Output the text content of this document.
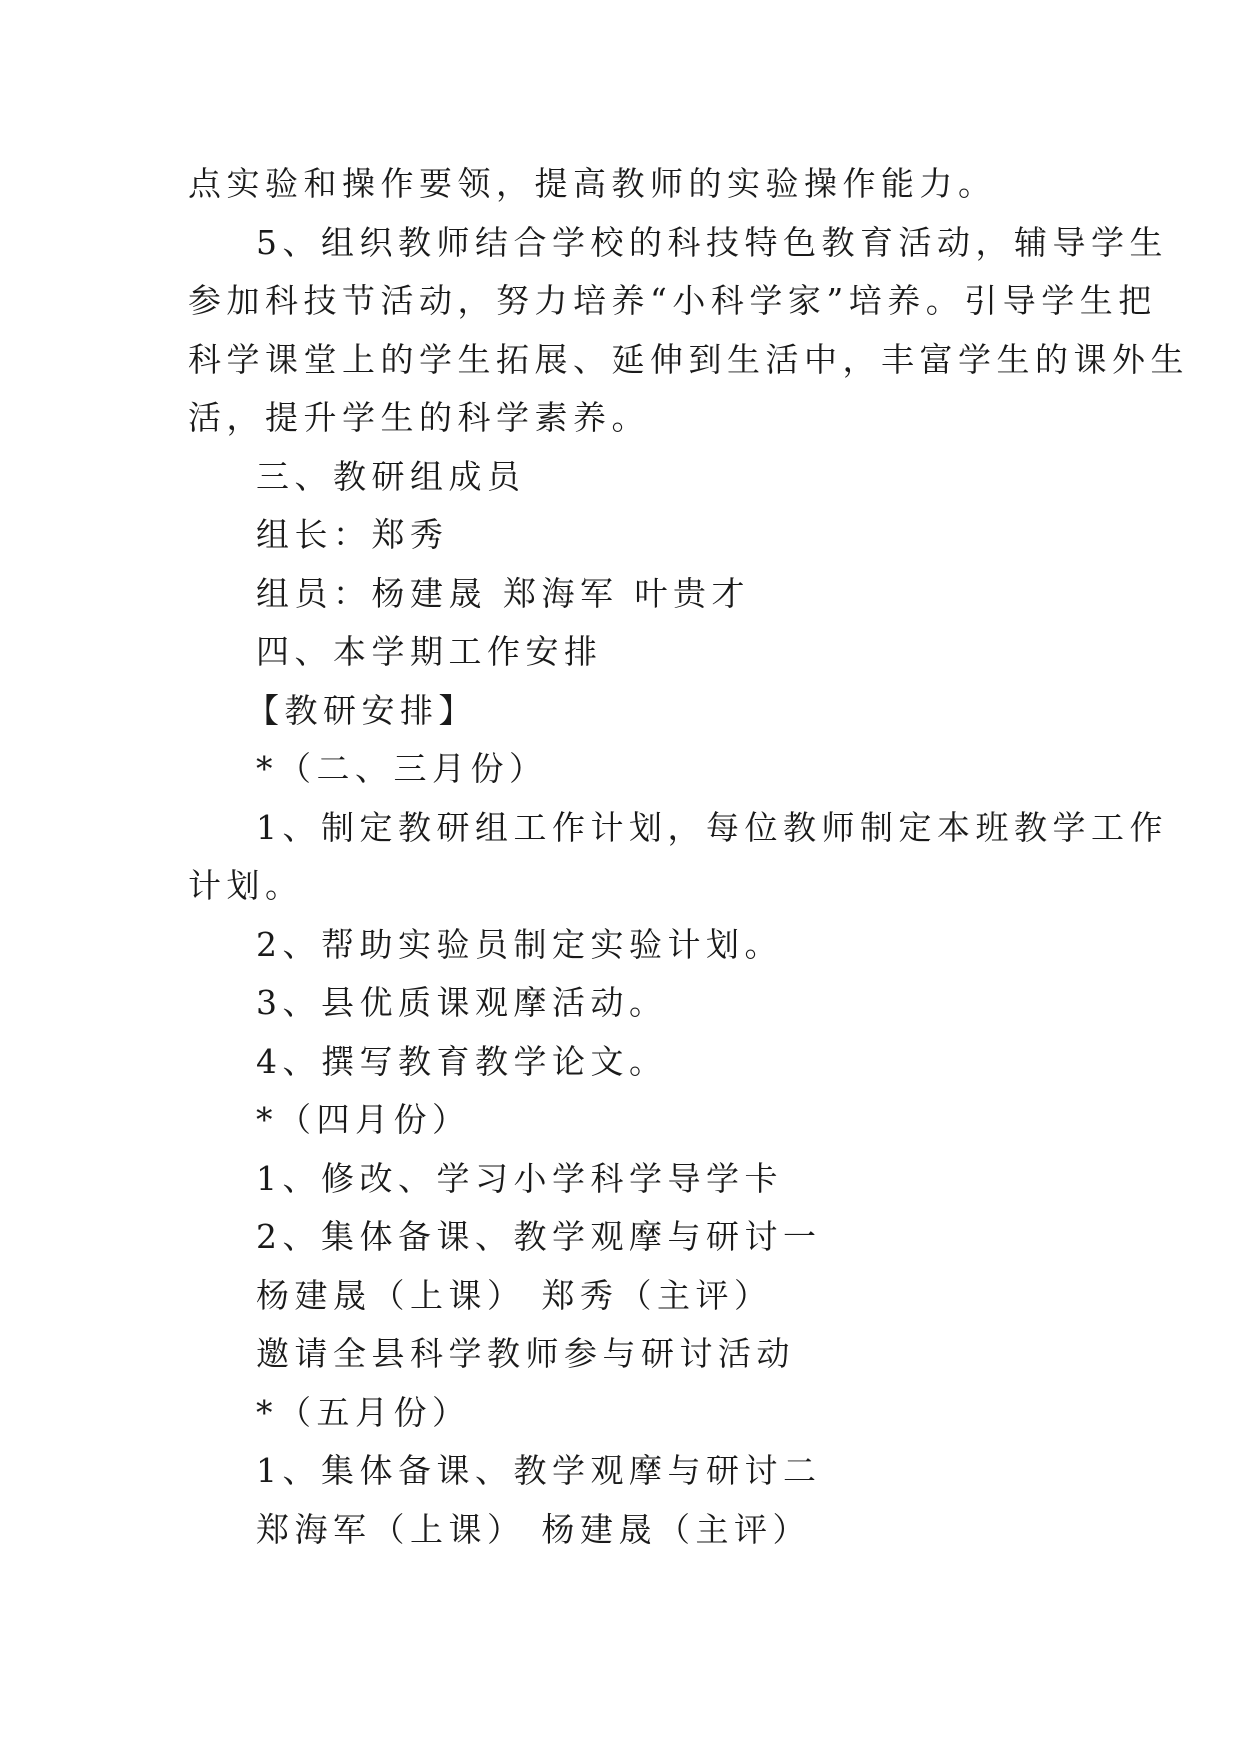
点实验和操作要领，提高教师的实验操作能力。
5、组织教师结合学校的科技特色教育活动，辅导学生
参加科技节活动，努力培养“小科学家”培养。引导学生把
科学课堂上的学生拓展、延伸到生活中，丰富学生的课外生
活，提升学生的科学素养。
三、教研组成员
组长：郑秀
组员：杨建晟 郑海军 叶贵才
四、本学期工作安排
【教研安排】
*（二、三月份）
1、制定教研组工作计划，每位教师制定本班教学工作
计划。
2、帮助实验员制定实验计划。
3、县优质课观摩活动。
4、撰写教育教学论文。
*（四月份）
1、修改、学习小学科学导学卡
2、集体备课、教学观摩与研讨一
杨建晟（上课） 郑秀（主评）
邀请全县科学教师参与研讨活动
*（五月份）
1、集体备课、教学观摩与研讨二
郑海军（上课） 杨建晟（主评）
